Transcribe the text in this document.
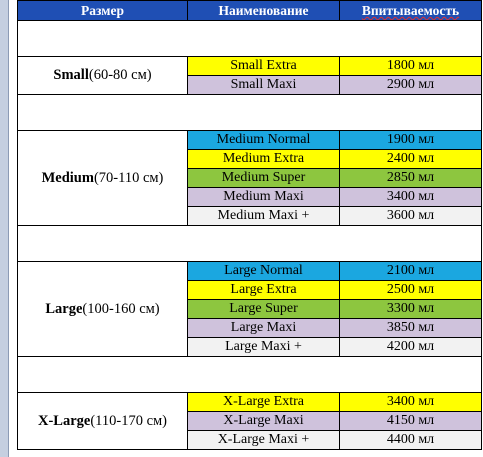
Размер	Наименование	Впитываемость
Small (60-80 см)
Small Extra	1800 мл
Small Maxi	2900 мл
Medium (70-110 см)
Medium Normal	1900 мл
Medium Extra	2400 мл
Medium Super	2850 мл
Medium Maxi	3400 мл
Medium Maxi +	3600 мл
Large (100-160 см)
Large Normal	2100 мл
Large Extra	2500 мл
Large Super	3300 мл
Large Maxi	3850 мл
Large Maxi +	4200 мл
X-Large (110-170 см)
X-Large Extra	3400 мл
X-Large Maxi	4150 мл
X-Large Maxi +	4400 мл
